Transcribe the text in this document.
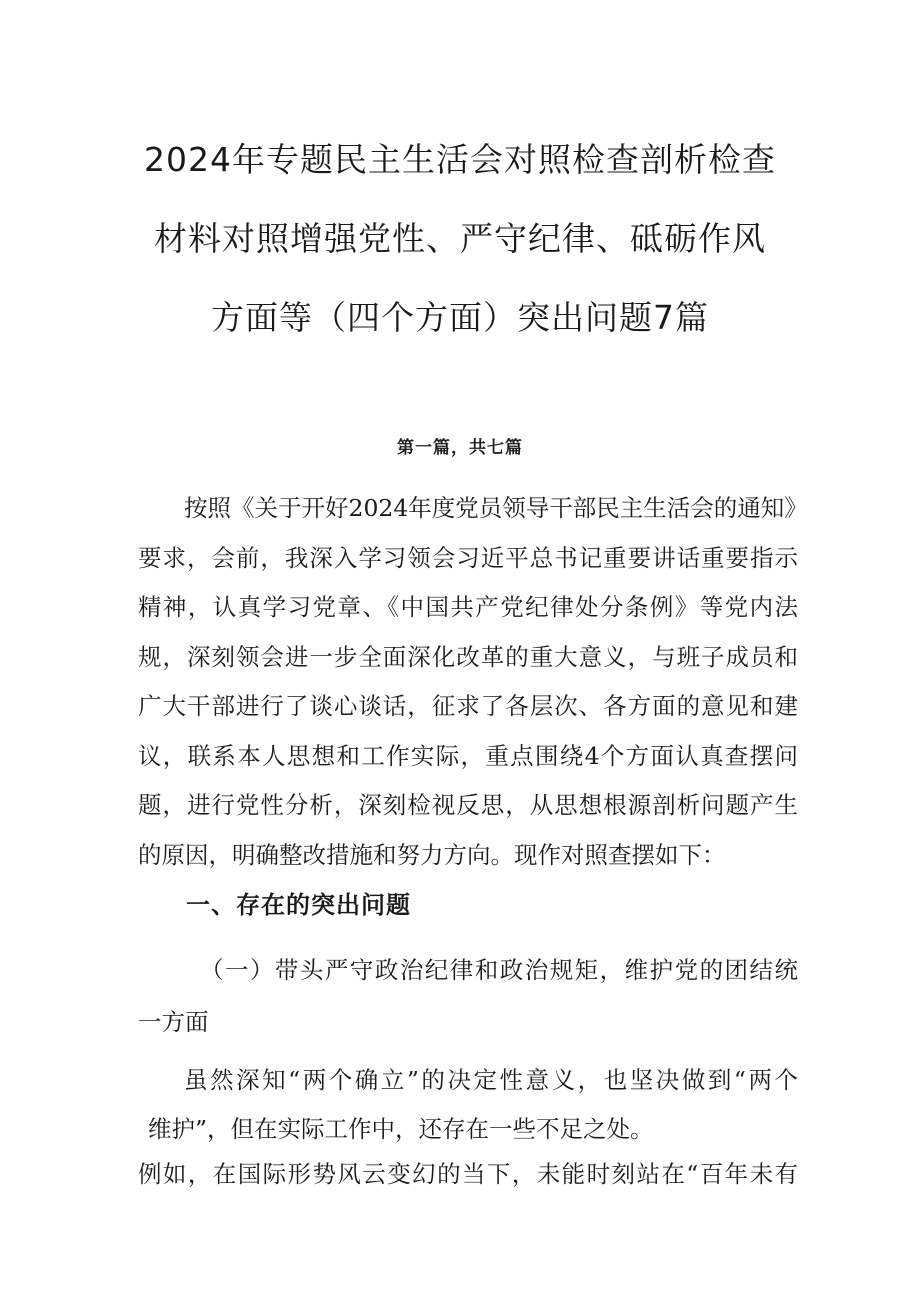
2024年专题民主生活会对照检查剖析检查
材料对照增强党性、严守纪律、砥砺作风
方面等（四个方面）突出问题7篇
第一篇，共七篇
按照《关于开好2024年度党员领导干部民主生活会的通知》
要求，会前，我深入学习领会习近平总书记重要讲话重要指示
精神，认真学习党章、《中国共产党纪律处分条例》等党内法
规，深刻领会进一步全面深化改革的重大意义，与班子成员和
广大干部进行了谈心谈话，征求了各层次、各方面的意见和建
议，联系本人思想和工作实际，重点围绕4个方面认真查摆问
题，进行党性分析，深刻检视反思，从思想根源剖析问题产生
的原因，明确整改措施和努力方向。现作对照查摆如下：
一、存在的突出问题
（一）带头严守政治纪律和政治规矩，维护党的团结统
一方面
虽然深知“两个确立”的决定性意义，也坚决做到“两个
维护”，但在实际工作中，还存在一些不足之处。
例如，在国际形势风云变幻的当下，未能时刻站在“百年未有
